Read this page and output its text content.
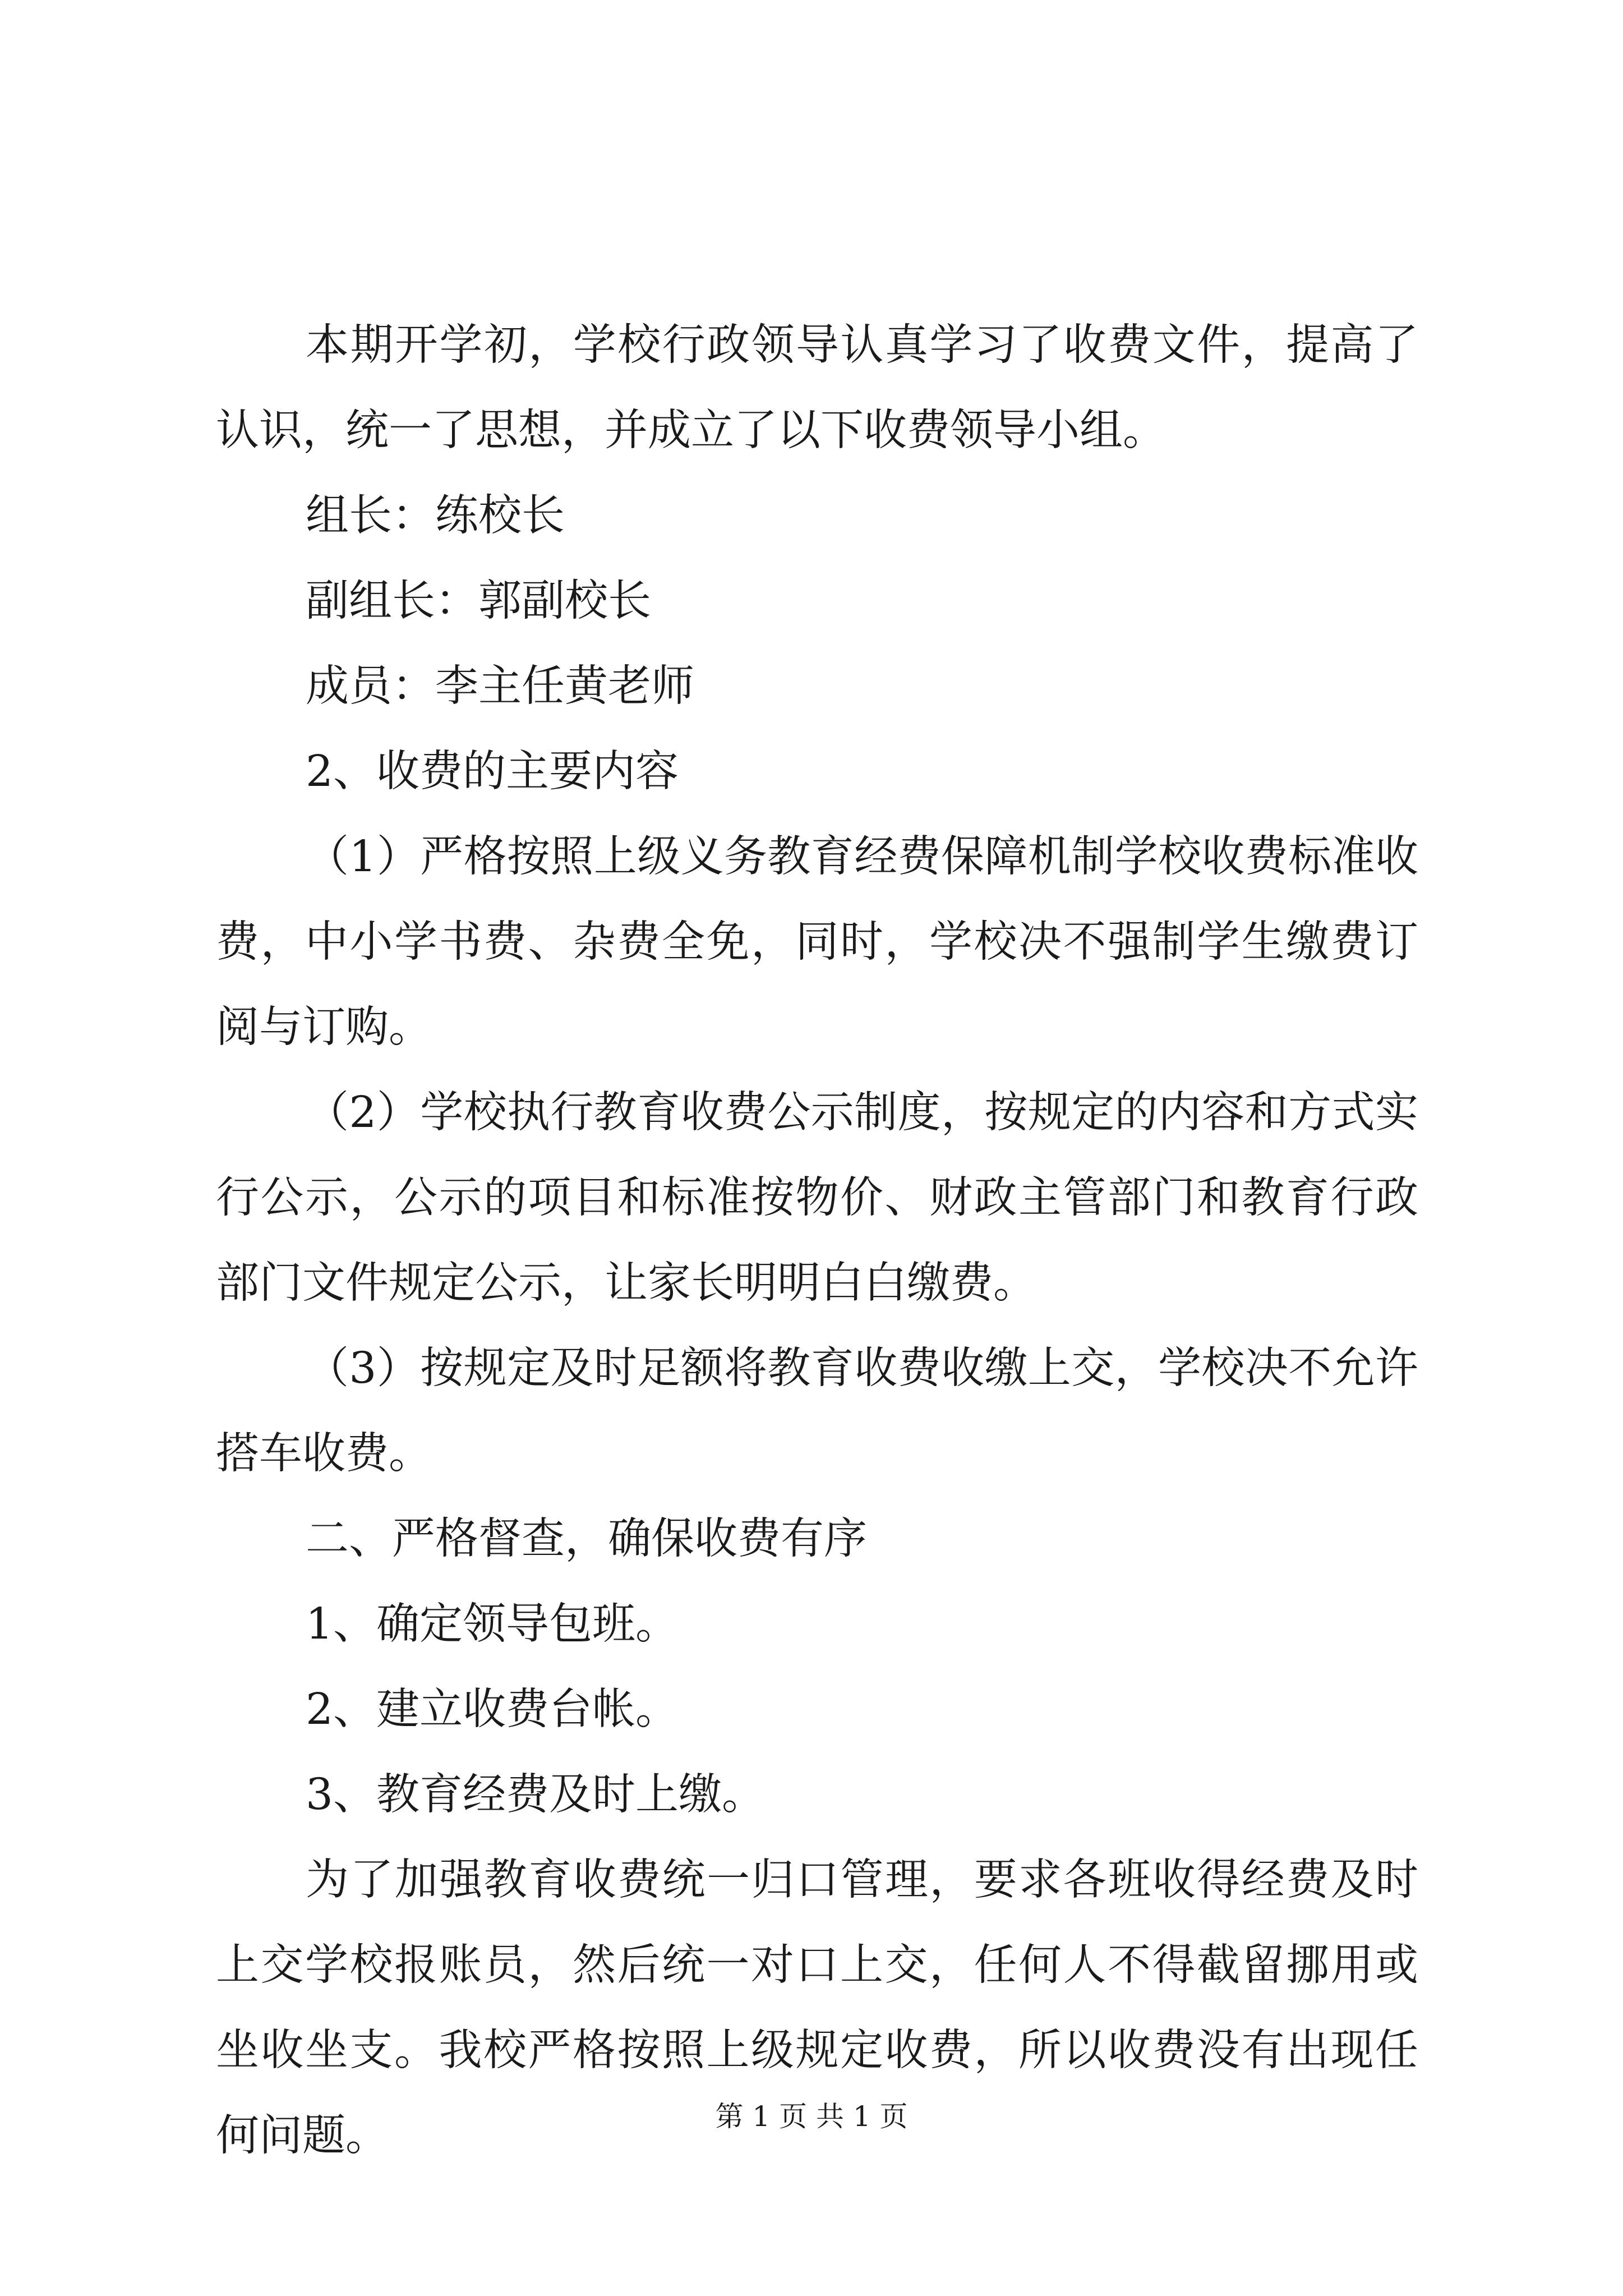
本期开学初，学校行政领导认真学习了收费文件，提高了认识，统一了思想，并成立了以下收费领导小组。

组长：练校长

副组长：郭副校长

成员：李主任黄老师

2、收费的主要内容

（1）严格按照上级义务教育经费保障机制学校收费标准收费，中小学书费、杂费全免，同时，学校决不强制学生缴费订阅与订购。

（2）学校执行教育收费公示制度，按规定的内容和方式实行公示，公示的项目和标准按物价、财政主管部门和教育行政部门文件规定公示，让家长明明白白缴费。

（3）按规定及时足额将教育收费收缴上交，学校决不允许搭车收费。

二、严格督查，确保收费有序

1、确定领导包班。

2、建立收费台帐。

3、教育经费及时上缴。

为了加强教育收费统一归口管理，要求各班收得经费及时上交学校报账员，然后统一对口上交，任何人不得截留挪用或坐收坐支。我校严格按照上级规定收费，所以收费没有出现任何问题。	第 1 页 共 1 页
